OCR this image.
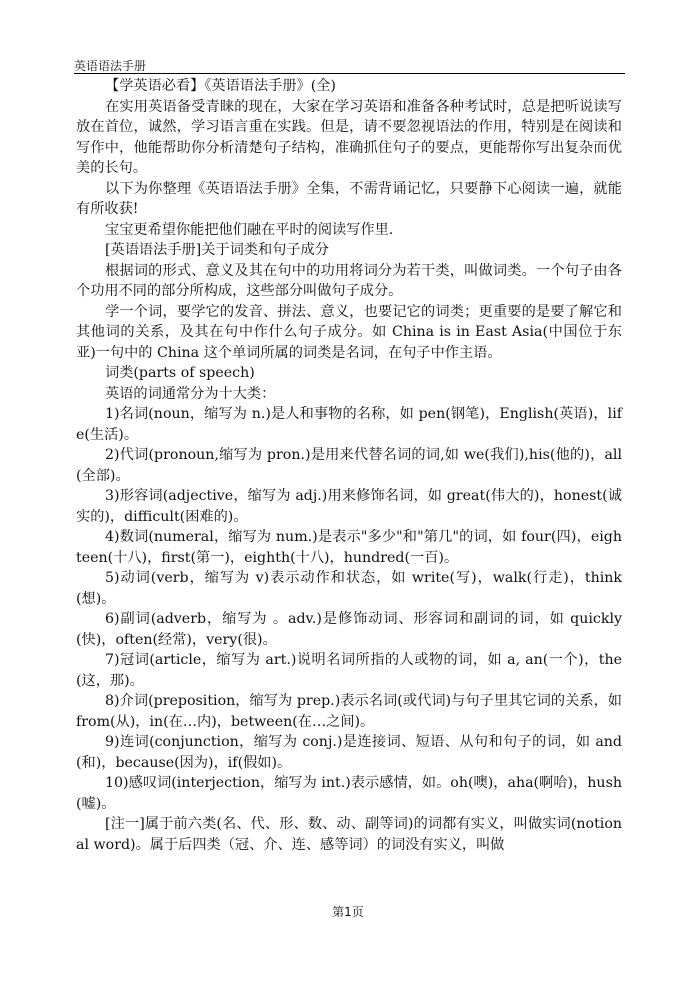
英语语法手册

【学英语必看】《英语语法手册》(全)

在实用英语备受青睐的现在，大家在学习英语和准备各种考试时，总是把听说读写放在首位，诚然，学习语言重在实践。但是，请不要忽视语法的作用，特别是在阅读和写作中，他能帮助你分析清楚句子结构，准确抓住句子的要点，更能帮你写出复杂而优美的长句。

以下为你整理《英语语法手册》全集，不需背诵记忆，只要静下心阅读一遍，就能有所收获!

宝宝更希望你能把他们融在平时的阅读写作里.

[英语语法手册]关于词类和句子成分

根据词的形式、意义及其在句中的功用将词分为若干类，叫做词类。一个句子由各个功用不同的部分所构成，这些部分叫做句子成分。

学一个词，要学它的发音、拼法、意义，也要记它的词类；更重要的是要了解它和其他词的关系，及其在句中作什么句子成分。如 China is in East Asia(中国位于东亚)一句中的 China 这个单词所属的词类是名词，在句子中作主语。

词类(parts of speech)

英语的词通常分为十大类：

1)名词(noun，缩写为 n.)是人和事物的名称，如 pen(钢笔)，English(英语)，life(生活)。

2)代词(pronoun,缩写为 pron.)是用来代替名词的词,如 we(我们),his(他的)，all(全部)。

3)形容词(adjective，缩写为 adj.)用来修饰名词，如 great(伟大的)，honest(诚实的)，difficult(困难的)。

4)数词(numeral，缩写为 num.)是表示"多少"和"第几"的词，如 four(四)，eighteen(十八)，first(第一)，eighth(十八)，hundred(一百)。

5)动词(verb，缩写为 v)表示动作和状态，如 write(写)，walk(行走)，think(想)。

6)副词(adverb，缩写为 。adv.)是修饰动词、形容词和副词的词，如 quickly(快)，often(经常)，very(很)。

7)冠词(article，缩写为 art.)说明名词所指的人或物的词，如 a, an(一个)，the(这，那)。

8)介词(preposition，缩写为 prep.)表示名词(或代词)与句子里其它词的关系，如 from(从)，in(在…内)，between(在…之间)。

9)连词(conjunction，缩写为 conj.)是连接词、短语、从句和句子的词，如 and(和)，because(因为)，if(假如)。

10)感叹词(interjection，缩写为 int.)表示感情，如。oh(噢)，aha(啊哈)，hush(嘘)。

[注一]属于前六类(名、代、形、数、动、副等词)的词都有实义，叫做实词(notional word)。属于后四类（冠、介、连、感等词）的词没有实义，叫做

第1页
